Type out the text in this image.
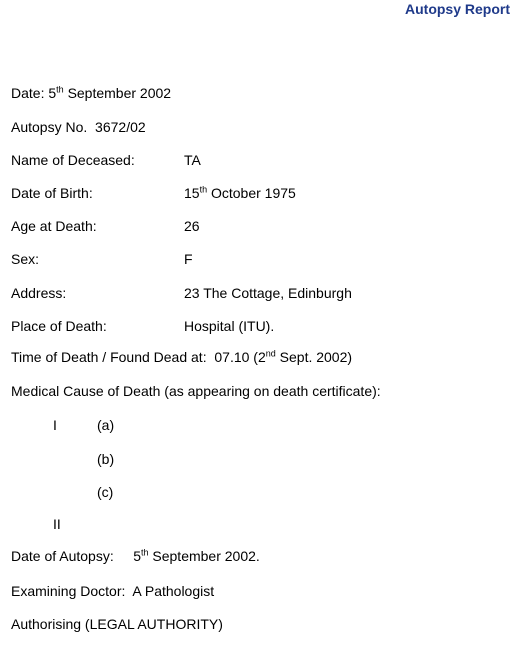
Autopsy Report
Date: 5th September 2002
Autopsy No. 3672/02
Name of Deceased:	TA
Date of Birth:	15th October 1975
Age at Death:	26
Sex:	F
Address:	23 The Cottage, Edinburgh
Place of Death:	Hospital (ITU).
Time of Death / Found Dead at: 07.10 (2nd Sept. 2002)
Medical Cause of Death (as appearing on death certificate):
I	(a)
(b)
(c)
II
Date of Autopsy: 5th September 2002.
Examining Doctor: A Pathologist
Authorising (LEGAL AUTHORITY)
